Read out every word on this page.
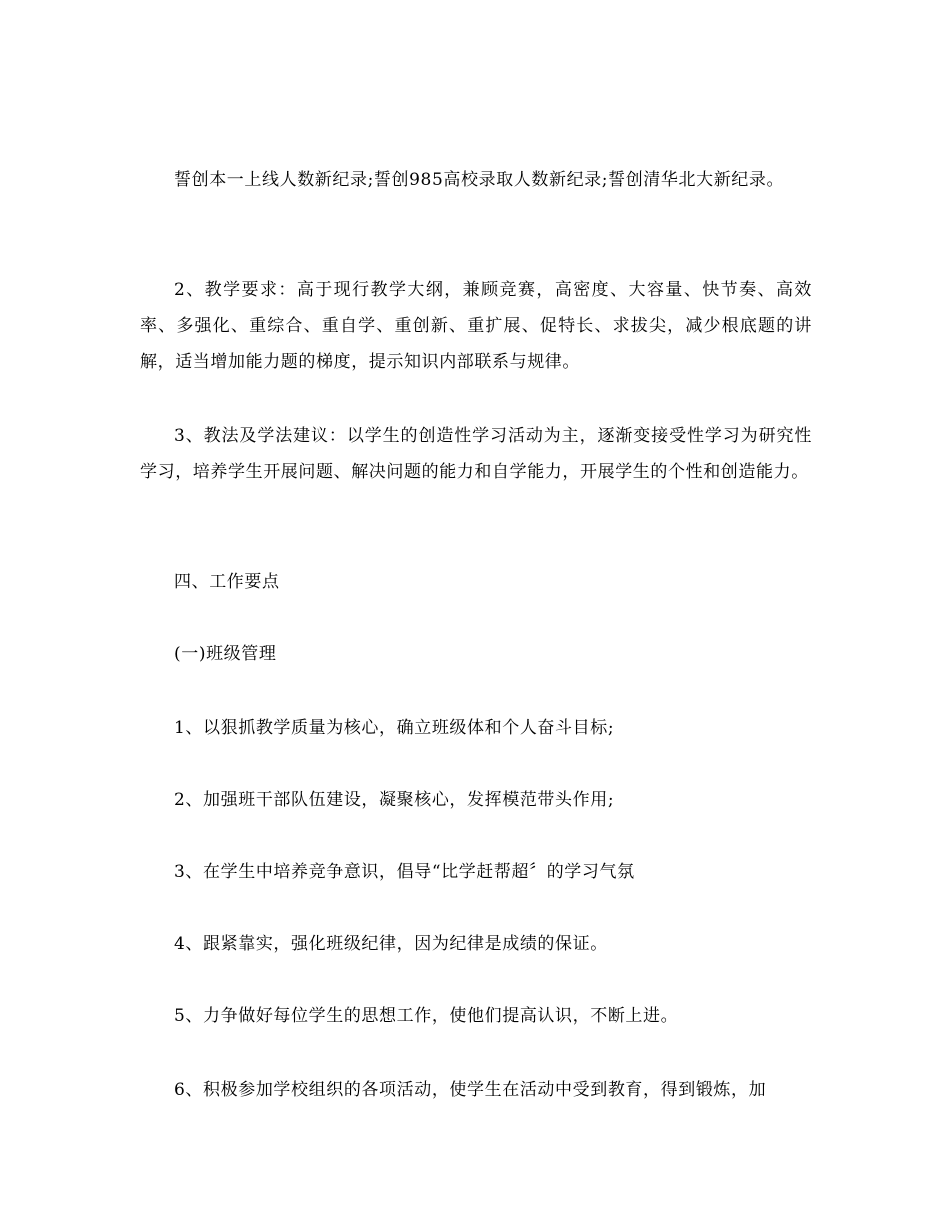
誓创本一上线人数新纪录;誓创985高校录取人数新纪录;誓创清华北大新纪录。

2、教学要求：高于现行教学大纲，兼顾竞赛，高密度、大容量、快节奏、高效率、多强化、重综合、重自学、重创新、重扩展、促特长、求拔尖，减少根底题的讲解，适当增加能力题的梯度，提示知识内部联系与规律。

3、教法及学法建议：以学生的创造性学习活动为主，逐渐变接受性学习为研究性学习，培养学生开展问题、解决问题的能力和自学能力，开展学生的个性和创造能力。

四、工作要点

(一)班级管理

1、以狠抓教学质量为核心，确立班级体和个人奋斗目标;

2、加强班干部队伍建设，凝聚核心，发挥模范带头作用;

3、在学生中培养竞争意识，倡导“比学赶帮超〞的学习气氛

4、跟紧靠实，强化班级纪律，因为纪律是成绩的保证。

5、力争做好每位学生的思想工作，使他们提高认识，不断上进。

6、积极参加学校组织的各项活动，使学生在活动中受到教育，得到锻炼，加
